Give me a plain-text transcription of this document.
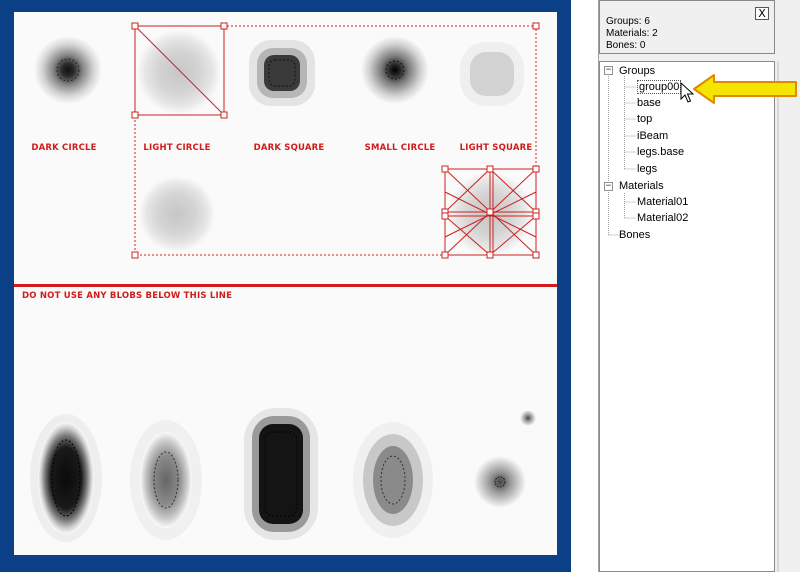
DARK CIRCLE	LIGHT CIRCLE	DARK SQUARE	SMALL CIRCLE	LIGHT SQUARE
DO NOT USE ANY BLOBS BELOW THIS LINE
Groups: 6
Materials: 2
Bones: 0
X
− Groups
group00
base
top
iBeam
legs.base
legs
− Materials
Material01
Material02
Bones
